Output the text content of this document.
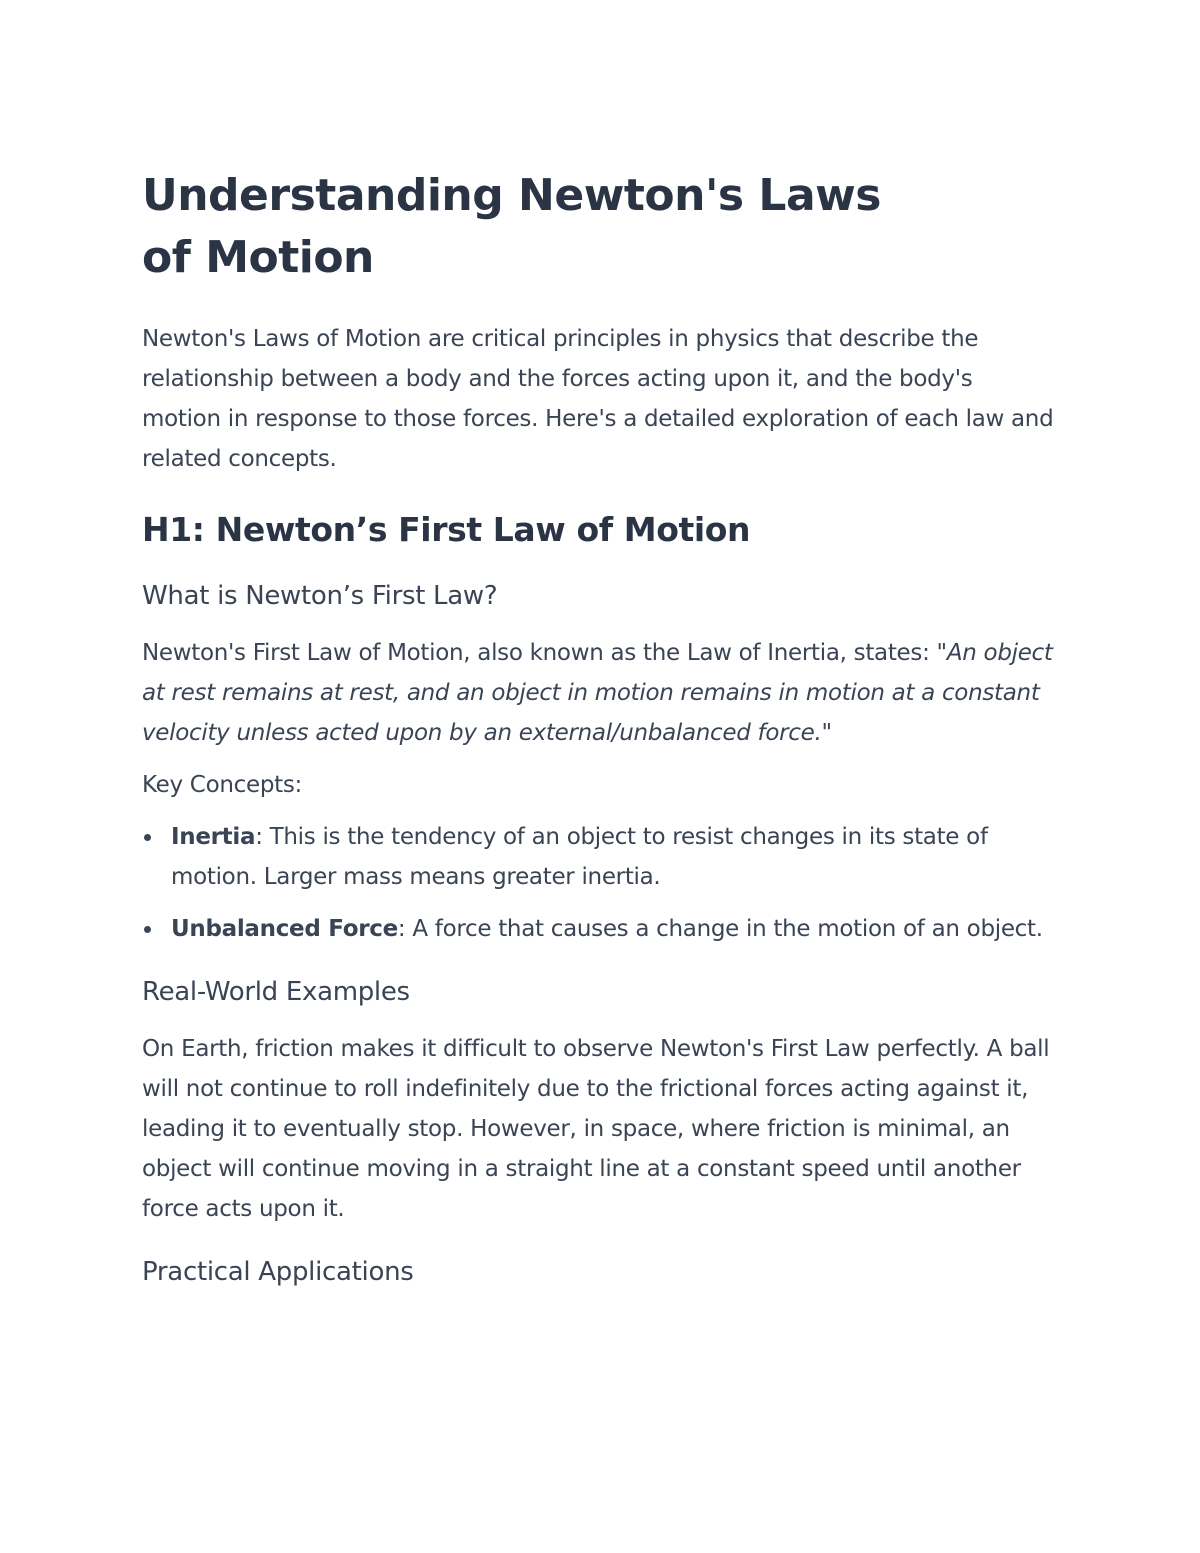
Understanding Newton's Laws of Motion

Newton's Laws of Motion are critical principles in physics that describe the relationship between a body and the forces acting upon it, and the body's motion in response to those forces. Here's a detailed exploration of each law and related concepts.

H1: Newton’s First Law of Motion
What is Newton’s First Law?

Newton's First Law of Motion, also known as the Law of Inertia, states: "An object at rest remains at rest, and an object in motion remains in motion at a constant velocity unless acted upon by an external/unbalanced force."

Key Concepts:

Inertia: This is the tendency of an object to resist changes in its state of motion. Larger mass means greater inertia.
Unbalanced Force: A force that causes a change in the motion of an object.
Real-World Examples

On Earth, friction makes it difficult to observe Newton's First Law perfectly. A ball will not continue to roll indefinitely due to the frictional forces acting against it, leading it to eventually stop. However, in space, where friction is minimal, an object will continue moving in a straight line at a constant speed until another force acts upon it.

Practical Applications
